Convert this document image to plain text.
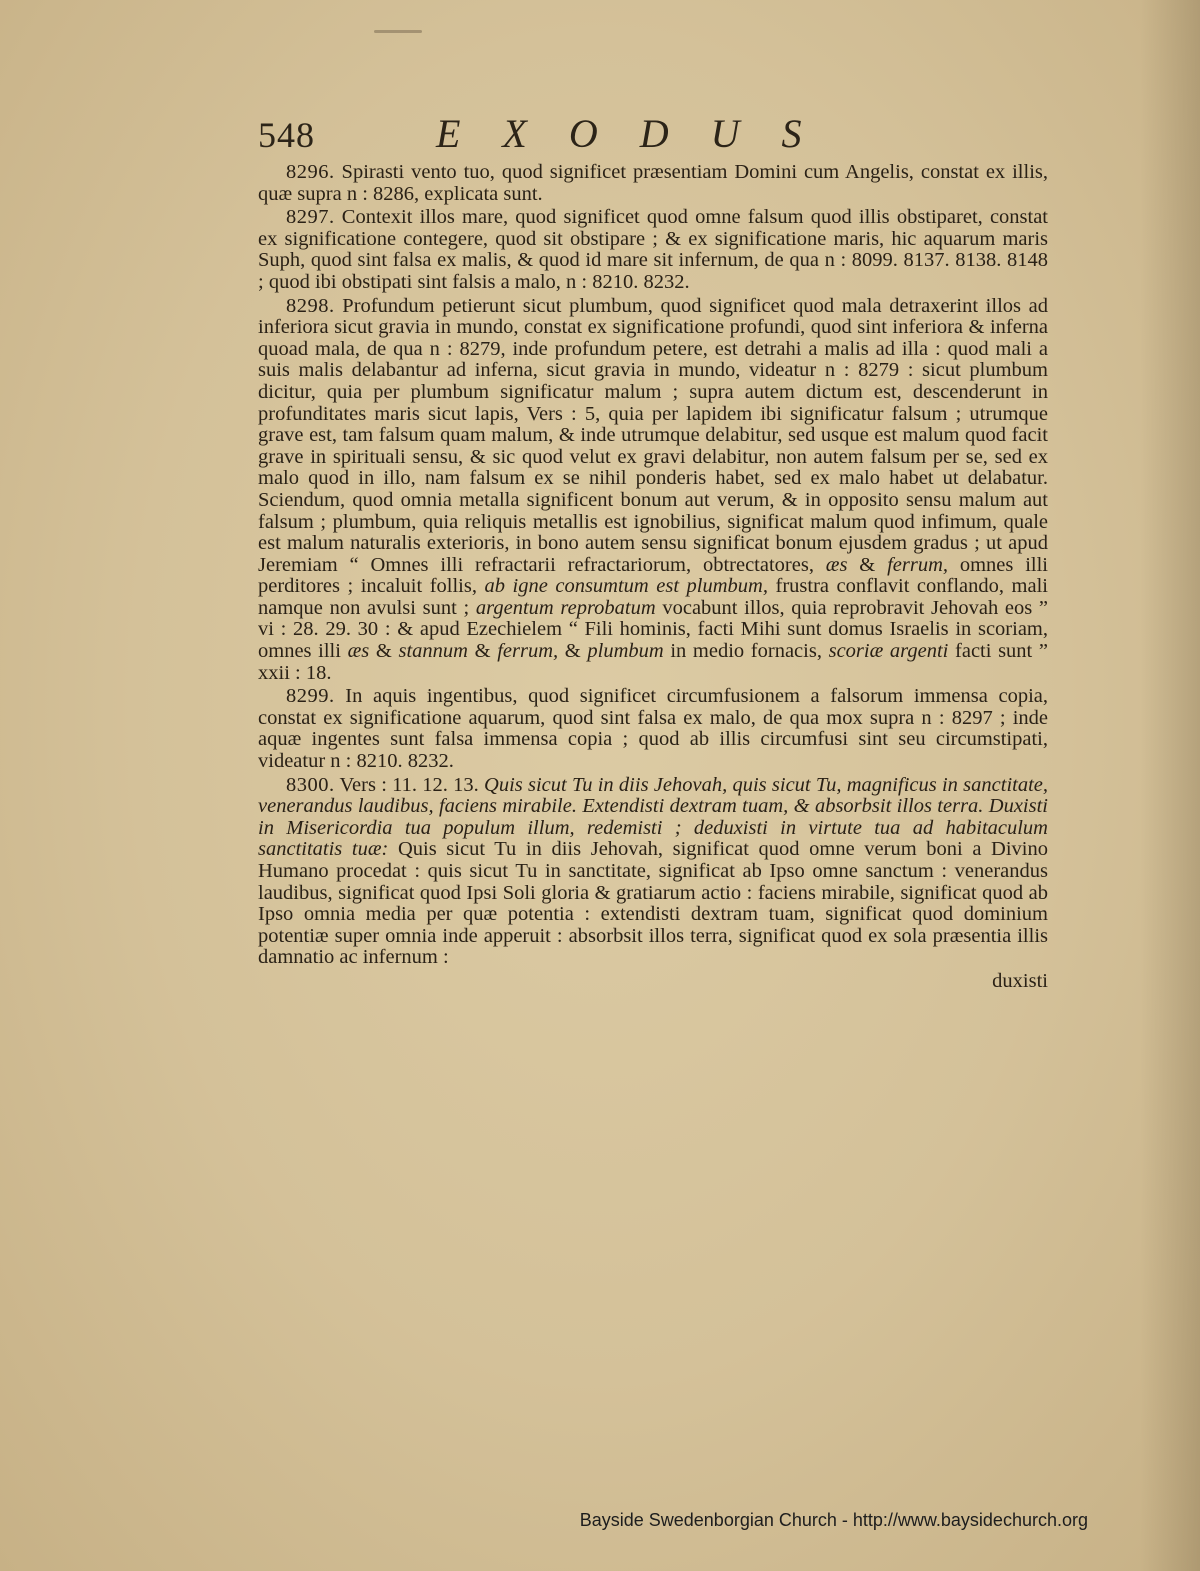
548	EXODUS

8296. Spirasti vento tuo, quod significet præsentiam Domini cum Angelis, constat ex illis, quæ supra n : 8286, explicata sunt.

8297. Contexit illos mare, quod significet quod omne falsum quod illis obstiparet, constat ex significatione contegere, quod sit obstipare ; & ex significatione maris, hic aquarum maris Suph, quod sint falsa ex malis, & quod id mare sit infernum, de qua n : 8099. 8137. 8138. 8148 ; quod ibi obstipati sint falsis a malo, n : 8210. 8232.

8298. Profundum petierunt sicut plumbum, quod significet quod mala detraxerint illos ad inferiora sicut gravia in mundo, constat ex significatione profundi, quod sint inferiora & inferna quoad mala, de qua n : 8279, inde profundum petere, est detrahi a malis ad illa : quod mali a suis malis delabantur ad inferna, sicut gravia in mundo, videatur n : 8279 : sicut plumbum dicitur, quia per plumbum significatur malum ; supra autem dictum est, descenderunt in profunditates maris sicut lapis, Vers : 5, quia per lapidem ibi significatur falsum ; utrumque grave est, tam falsum quam malum, & inde utrumque delabitur, sed usque est malum quod facit grave in spirituali sensu, & sic quod velut ex gravi delabitur, non autem falsum per se, sed ex malo quod in illo, nam falsum ex se nihil ponderis habet, sed ex malo habet ut delabatur. Sciendum, quod omnia metalla significent bonum aut verum, & in opposito sensu malum aut falsum ; plumbum, quia reliquis metallis est ignobilius, significat malum quod infimum, quale est malum naturalis exterioris, in bono autem sensu significat bonum ejusdem gradus ; ut apud Jeremiam “ Omnes illi refractarii refractariorum, obtrectatores, æs & ferrum, omnes illi perditores ; incaluit follis, ab igne consumtum est plumbum, frustra conflavit conflando, mali namque non avulsi sunt ; argentum reprobatum vocabunt illos, quia reprobravit Jehovah eos ” vi : 28. 29. 30 : & apud Ezechielem “ Fili hominis, facti Mihi sunt domus Israelis in scoriam, omnes illi æs & stannum & ferrum, & plumbum in medio fornacis, scoriæ argenti facti sunt ” xxii : 18.

8299. In aquis ingentibus, quod significet circumfusionem a falsorum immensa copia, constat ex significatione aquarum, quod sint falsa ex malo, de qua mox supra n : 8297 ; inde aquæ ingentes sunt falsa immensa copia ; quod ab illis circumfusi sint seu circumstipati, videatur n : 8210. 8232.

8300. Vers : 11. 12. 13. Quis sicut Tu in diis Jehovah, quis sicut Tu, magnificus in sanctitate, venerandus laudibus, faciens mirabile. Extendisti dextram tuam, & absorbsit illos terra. Duxisti in Misericordia tua populum illum, redemisti ; deduxisti in virtute tua ad habitaculum sanctitatis tuæ: Quis sicut Tu in diis Jehovah, significat quod omne verum boni a Divino Humano procedat : quis sicut Tu in sanctitate, significat ab Ipso omne sanctum : venerandus laudibus, significat quod Ipsi Soli gloria & gratiarum actio : faciens mirabile, significat quod ab Ipso omnia media per quæ potentia : extendisti dextram tuam, significat quod dominium potentiæ super omnia inde apperuit : absorbsit illos terra, significat quod ex sola præsentia illis damnatio ac infernum :

duxisti

Bayside Swedenborgian Church - http://www.baysidechurch.org
